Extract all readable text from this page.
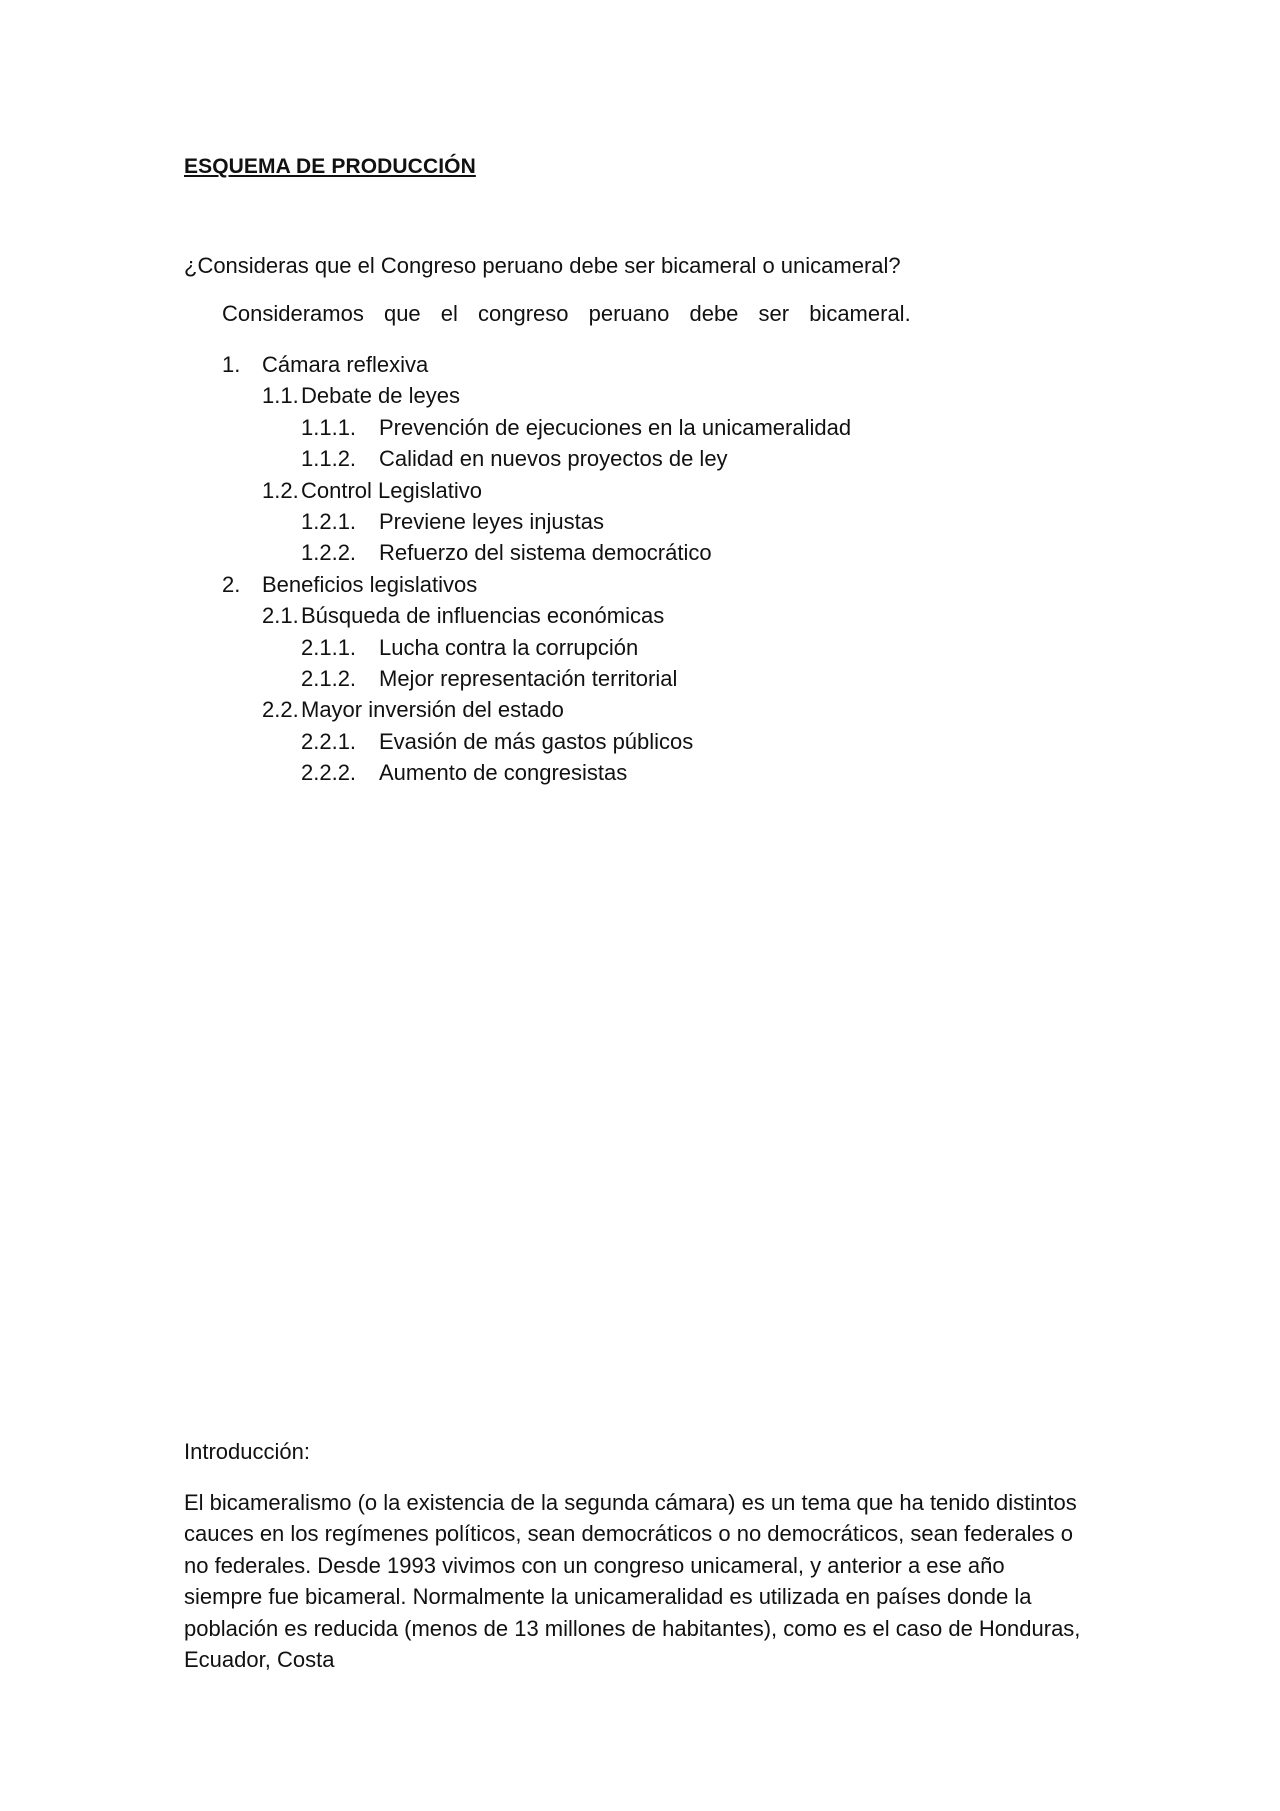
ESQUEMA DE PRODUCCIÓN
¿Consideras que el Congreso peruano debe ser bicameral o unicameral?
Consideramos que el congreso peruano debe ser bicameral.
1. Cámara reflexiva
1.1. Debate de leyes
1.1.1. Prevención de ejecuciones en la unicameralidad
1.1.2. Calidad en nuevos proyectos de ley
1.2. Control Legislativo
1.2.1. Previene leyes injustas
1.2.2. Refuerzo del sistema democrático
2. Beneficios legislativos
2.1. Búsqueda de influencias económicas
2.1.1. Lucha contra la corrupción
2.1.2. Mejor representación territorial
2.2. Mayor inversión del estado
2.2.1. Evasión de más gastos públicos
2.2.2. Aumento de congresistas
Introducción:

El bicameralismo (o la existencia de la segunda cámara) es un tema que ha tenido distintos cauces en los regímenes políticos, sean democráticos o no democráticos, sean federales o no federales. Desde 1993 vivimos con un congreso unicameral, y anterior a ese año siempre fue bicameral. Normalmente la unicameralidad es utilizada en países donde la población es reducida (menos de 13 millones de habitantes), como es el caso de Honduras, Ecuador, Costa
